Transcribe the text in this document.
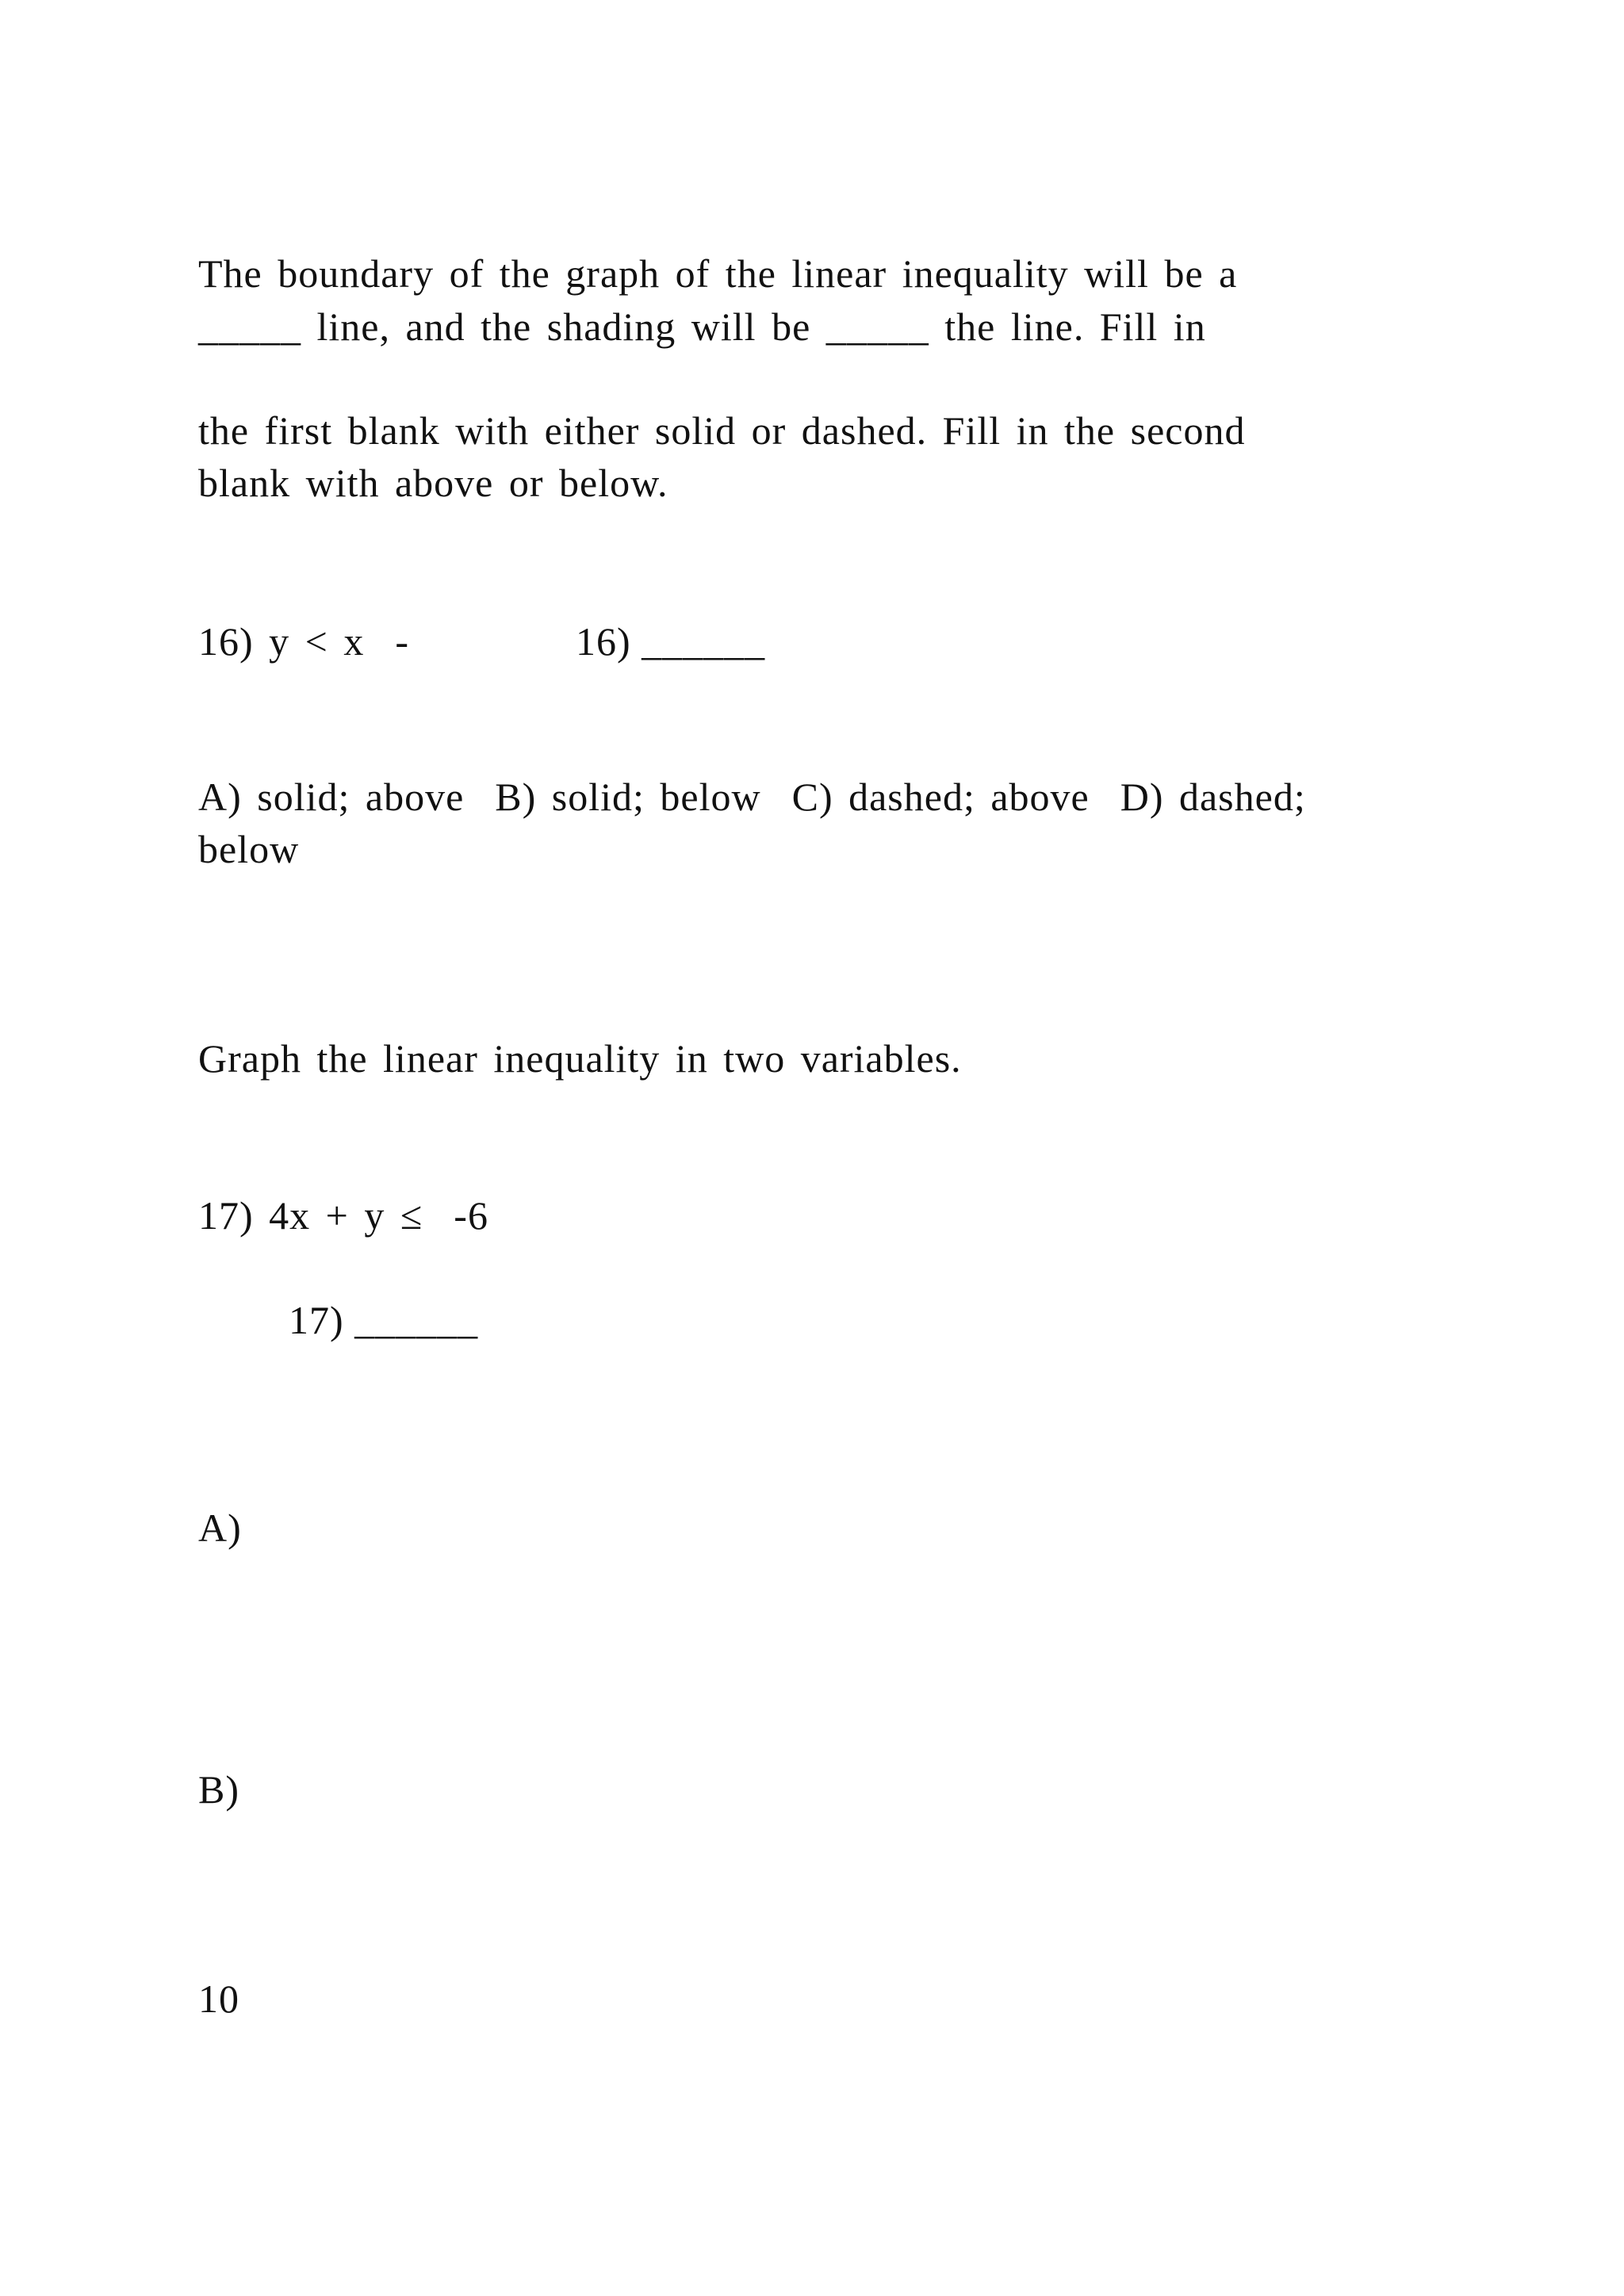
The boundary of the graph of the linear inequality will be a
_____ line, and the shading will be _____ the line. Fill in
the first blank with either solid or dashed. Fill in the second
blank with above or below.
16) y < x  -	16) ______
A) solid; above  B) solid; below  C) dashed; above  D) dashed;
below
Graph the linear inequality in two variables.
17) 4x + y ≤  -6
17) ______
A)
B)
10
